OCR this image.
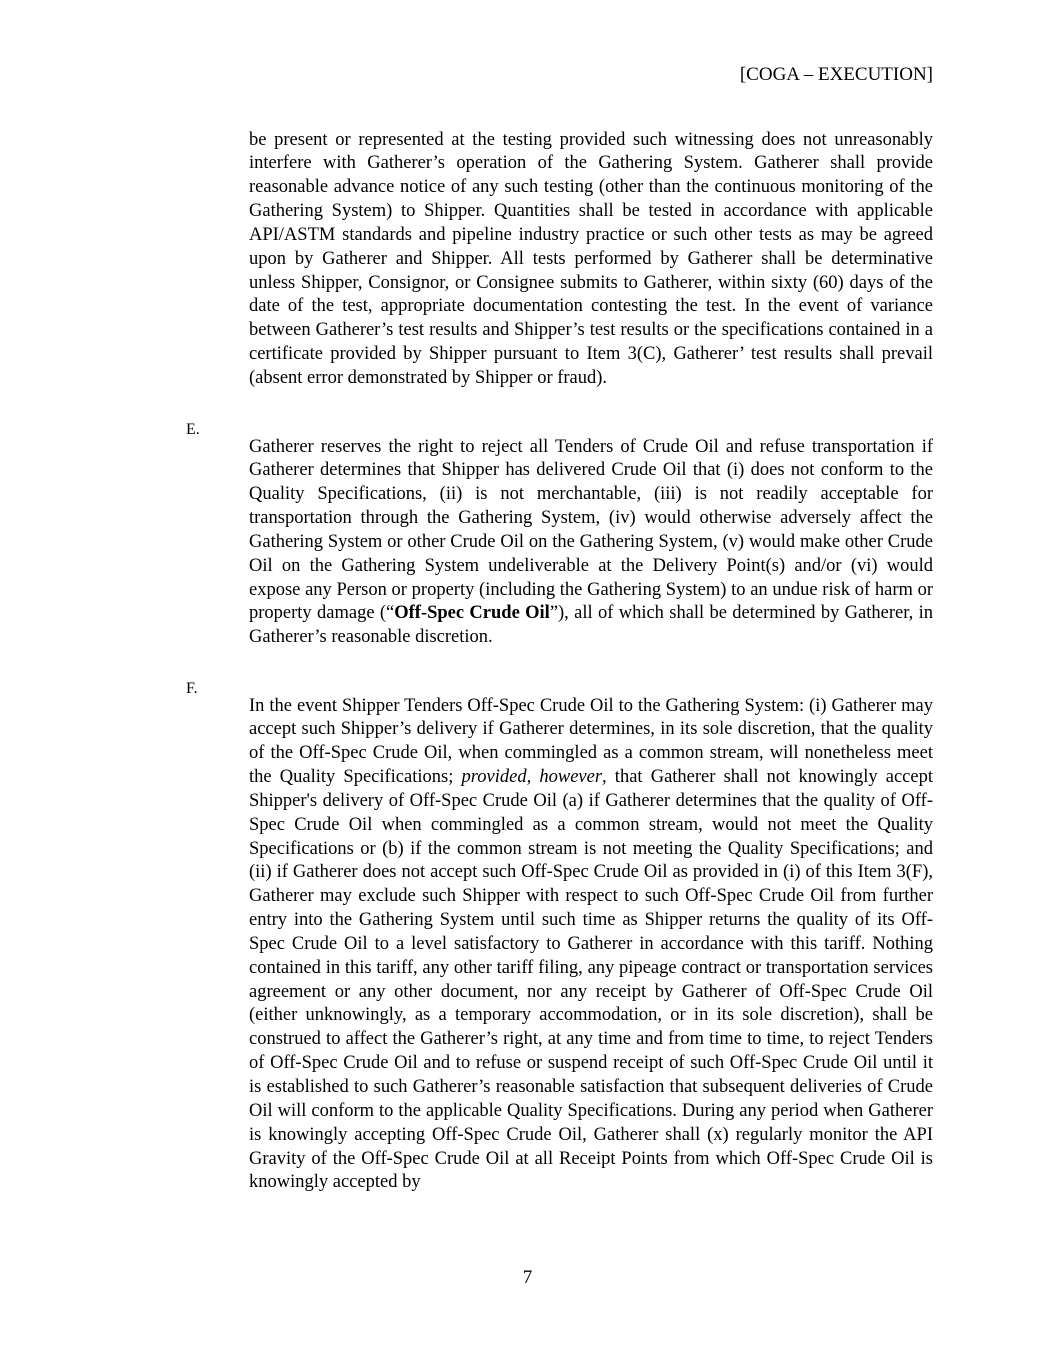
[COGA – EXECUTION]

be present or represented at the testing provided such witnessing does not unreasonably interfere with Gatherer’s operation of the Gathering System. Gatherer shall provide reasonable advance notice of any such testing (other than the continuous monitoring of the Gathering System) to Shipper. Quantities shall be tested in accordance with applicable API/ASTM standards and pipeline industry practice or such other tests as may be agreed upon by Gatherer and Shipper. All tests performed by Gatherer shall be determinative unless Shipper, Consignor, or Consignee submits to Gatherer, within sixty (60) days of the date of the test, appropriate documentation contesting the test. In the event of variance between Gatherer’s test results and Shipper’s test results or the specifications contained in a certificate provided by Shipper pursuant to Item 3(C), Gatherer’ test results shall prevail (absent error demonstrated by Shipper or fraud).

E.

Gatherer reserves the right to reject all Tenders of Crude Oil and refuse transportation if Gatherer determines that Shipper has delivered Crude Oil that (i) does not conform to the Quality Specifications, (ii) is not merchantable, (iii) is not readily acceptable for transportation through the Gathering System, (iv) would otherwise adversely affect the Gathering System or other Crude Oil on the Gathering System, (v) would make other Crude Oil on the Gathering System undeliverable at the Delivery Point(s) and/or (vi) would expose any Person or property (including the Gathering System) to an undue risk of harm or property damage (“Off-Spec Crude Oil”), all of which shall be determined by Gatherer, in Gatherer’s reasonable discretion.

F.

In the event Shipper Tenders Off-Spec Crude Oil to the Gathering System: (i) Gatherer may accept such Shipper’s delivery if Gatherer determines, in its sole discretion, that the quality of the Off-Spec Crude Oil, when commingled as a common stream, will nonetheless meet the Quality Specifications; provided, however, that Gatherer shall not knowingly accept Shipper's delivery of Off-Spec Crude Oil (a) if Gatherer determines that the quality of Off-Spec Crude Oil when commingled as a common stream, would not meet the Quality Specifications or (b) if the common stream is not meeting the Quality Specifications; and (ii) if Gatherer does not accept such Off-Spec Crude Oil as provided in (i) of this Item 3(F), Gatherer may exclude such Shipper with respect to such Off-Spec Crude Oil from further entry into the Gathering System until such time as Shipper returns the quality of its Off-Spec Crude Oil to a level satisfactory to Gatherer in accordance with this tariff. Nothing contained in this tariff, any other tariff filing, any pipeage contract or transportation services agreement or any other document, nor any receipt by Gatherer of Off-Spec Crude Oil (either unknowingly, as a temporary accommodation, or in its sole discretion), shall be construed to affect the Gatherer’s right, at any time and from time to time, to reject Tenders of Off-Spec Crude Oil and to refuse or suspend receipt of such Off-Spec Crude Oil until it is established to such Gatherer’s reasonable satisfaction that subsequent deliveries of Crude Oil will conform to the applicable Quality Specifications. During any period when Gatherer is knowingly accepting Off-Spec Crude Oil, Gatherer shall (x) regularly monitor the API Gravity of the Off-Spec Crude Oil at all Receipt Points from which Off-Spec Crude Oil is knowingly accepted by

7
